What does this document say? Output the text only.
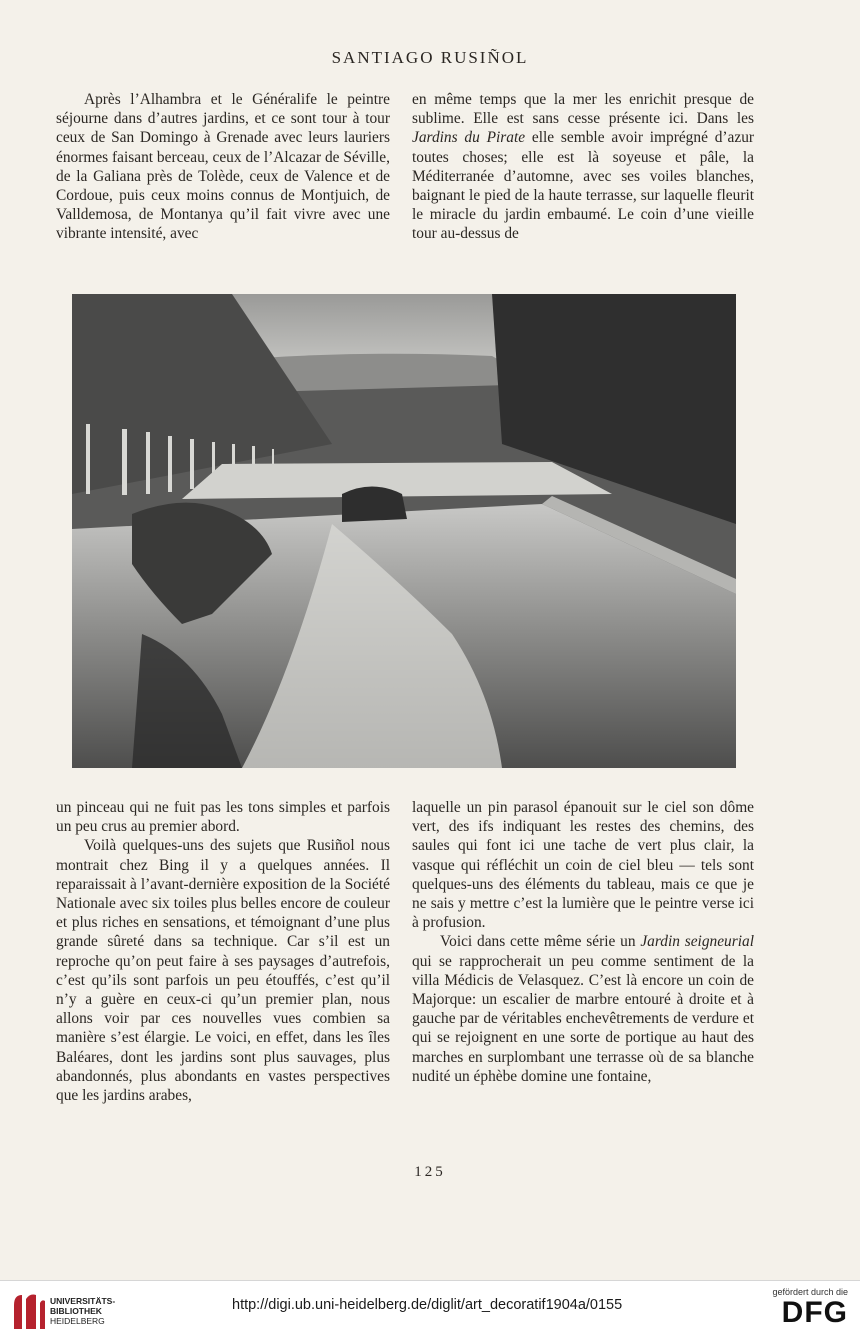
SANTIAGO RUSIÑOL

Après l’Alhambra et le Généralife le peintre séjourne dans d’autres jardins, et ce sont tour à tour ceux de San Domingo à Grenade avec leurs lauriers énormes faisant berceau, ceux de l’Alcazar de Séville, de la Galiana près de Tolède, ceux de Valence et de Cordoue, puis ceux moins connus de Montjuich, de Valldemosa, de Montanya qu’il fait vivre avec une vibrante intensité, avec

en même temps que la mer les enrichit presque de sublime. Elle est sans cesse présente ici. Dans les Jardins du Pirate elle semble avoir imprégné d’azur toutes choses; elle est là soyeuse et pâle, la Méditerranée d’automne, avec ses voiles blanches, baignant le pied de la haute terrasse, sur laquelle fleurit le miracle du jardin embaumé. Le coin d’une vieille tour au-dessus de

un pinceau qui ne fuit pas les tons simples et parfois un peu crus au premier abord.

Voilà quelques-uns des sujets que Rusiñol nous montrait chez Bing il y a quelques années. Il reparaissait à l’avant-dernière exposition de la Société Nationale avec six toiles plus belles encore de couleur et plus riches en sensations, et témoignant d’une plus grande sûreté dans sa technique. Car s’il est un reproche qu’on peut faire à ses paysages d’autrefois, c’est qu’ils sont parfois un peu étouffés, c’est qu’il n’y a guère en ceux-ci qu’un premier plan, nous allons voir par ces nouvelles vues combien sa manière s’est élargie. Le voici, en effet, dans les îles Baléares, dont les jardins sont plus sauvages, plus abandonnés, plus abondants en vastes perspectives que les jardins arabes,

laquelle un pin parasol épanouit sur le ciel son dôme vert, des ifs indiquant les restes des chemins, des saules qui font ici une tache de vert plus clair, la vasque qui réfléchit un coin de ciel bleu — tels sont quelques-uns des éléments du tableau, mais ce que je ne sais y mettre c’est la lumière que le peintre verse ici à profusion.

Voici dans cette même série un Jardin seigneurial qui se rapprocherait un peu comme sentiment de la villa Médicis de Velasquez. C’est là encore un coin de Majorque: un escalier de marbre entouré à droite et à gauche par de véritables enchevêtrements de verdure et qui se rejoignent en une sorte de portique au haut des marches en surplombant une terrasse où de sa blanche nudité un éphèbe domine une fontaine,

125
UNIVERSITÄTS-
BIBLIOTHEK
HEIDELBERG
http://digi.ub.uni-heidelberg.de/diglit/art_decoratif1904a/0155
gefördert durch die
DFG
